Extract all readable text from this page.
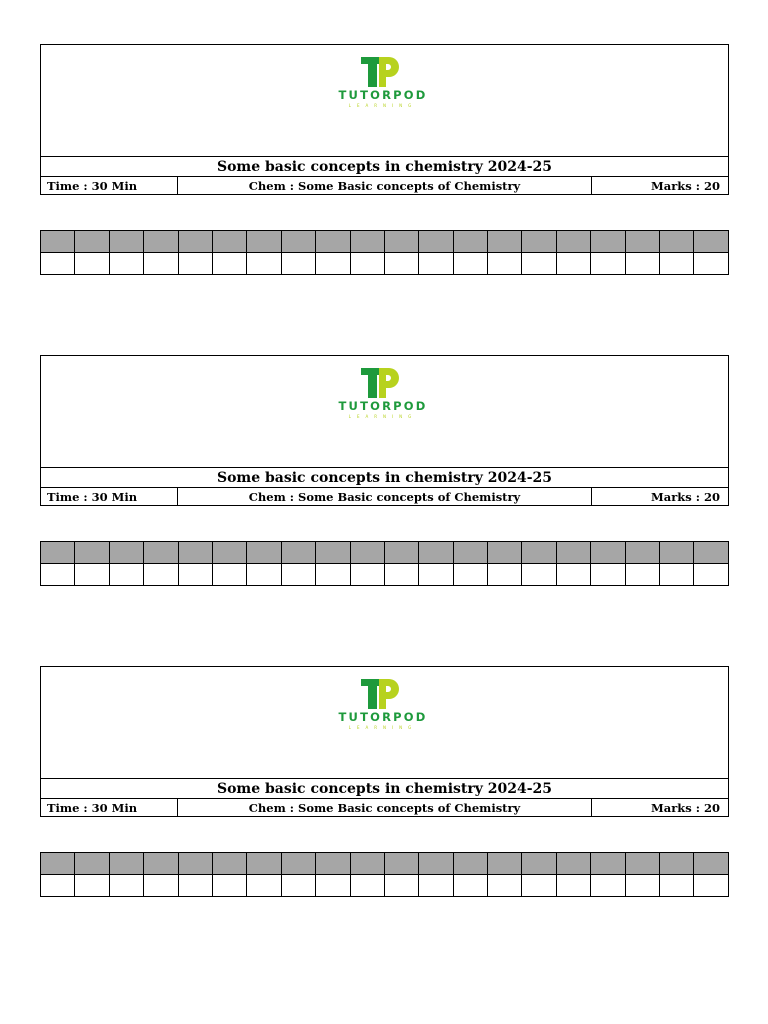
TUTORPOD
LEARNING
Some basic concepts in chemistry 2024-25
Time : 30 Min	Chem : Some Basic concepts of Chemistry	Marks : 20

TUTORPOD
LEARNING
Some basic concepts in chemistry 2024-25
Time : 30 Min	Chem : Some Basic concepts of Chemistry	Marks : 20

TUTORPOD
LEARNING
Some basic concepts in chemistry 2024-25
Time : 30 Min	Chem : Some Basic concepts of Chemistry	Marks : 20
